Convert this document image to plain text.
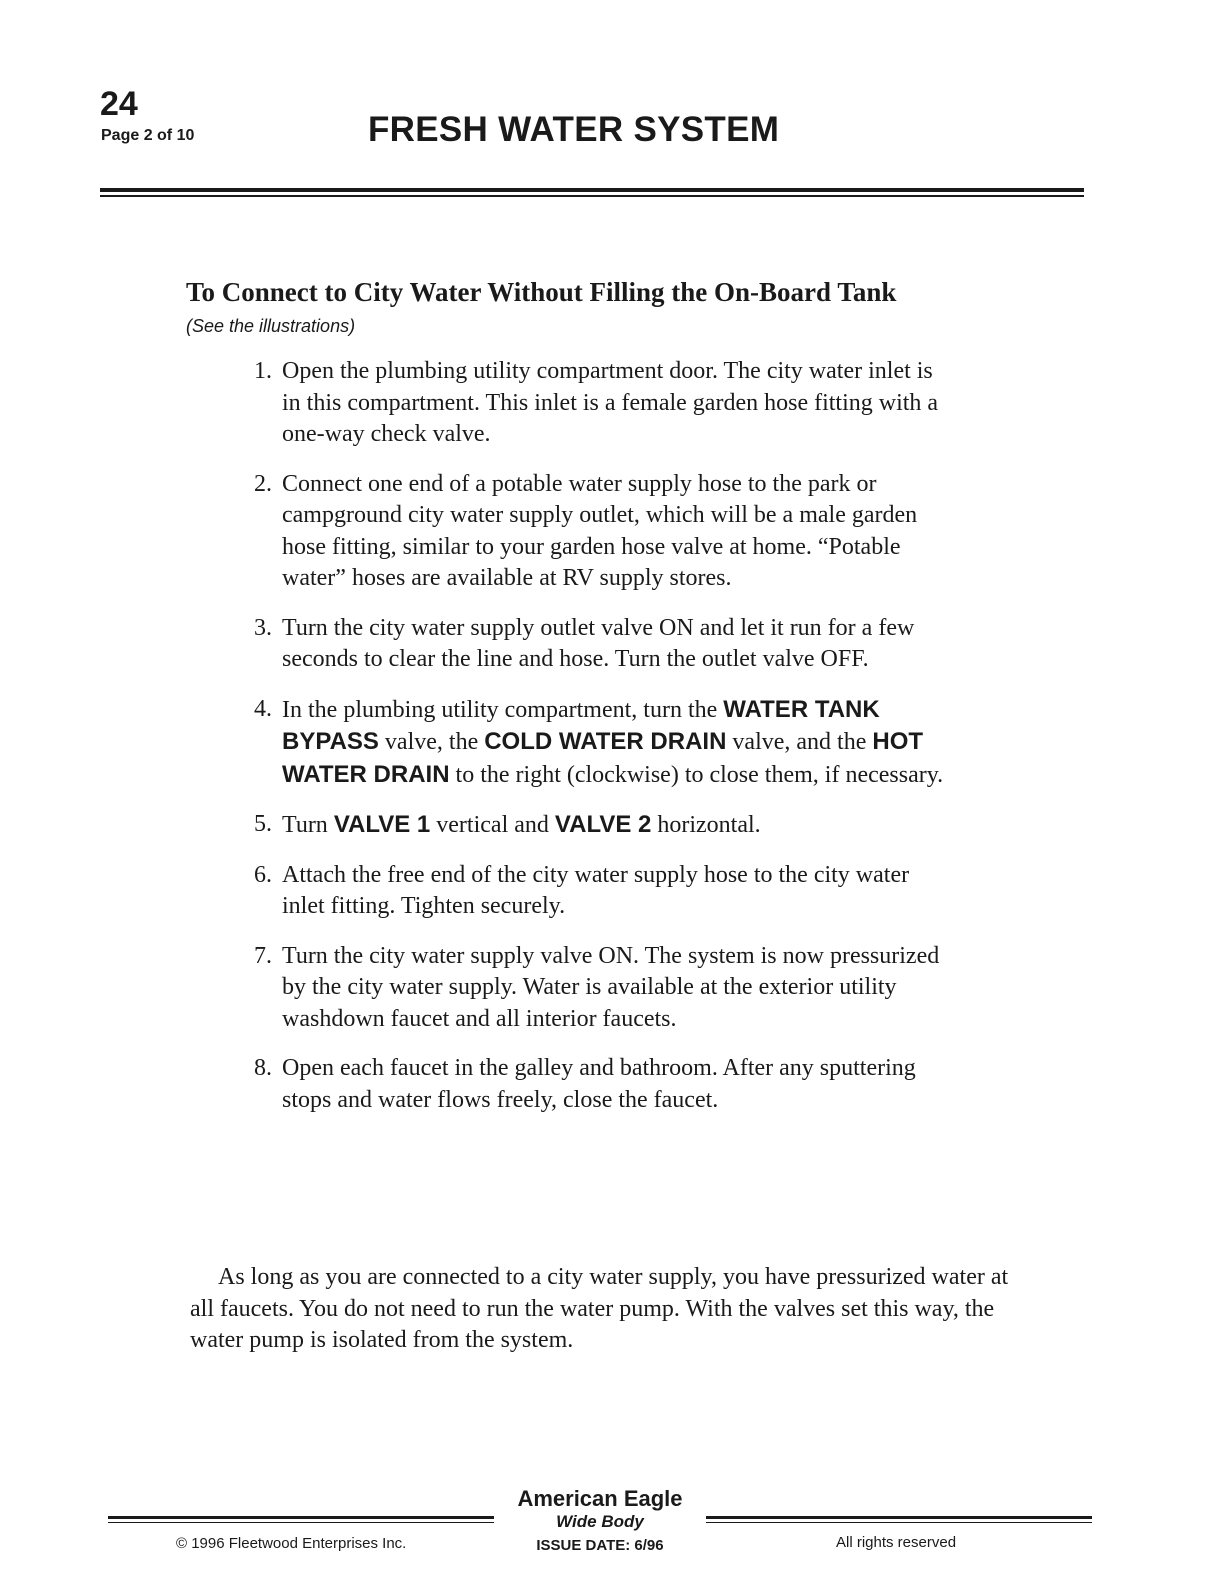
24
Page 2 of 10	FRESH WATER SYSTEM
To Connect to City Water Without Filling the On-Board Tank
(See the illustrations)
1. Open the plumbing utility compartment door. The city water inlet is in this compartment. This inlet is a female garden hose fitting with a one-way check valve.
2. Connect one end of a potable water supply hose to the park or campground city water supply outlet, which will be a male garden hose fitting, similar to your garden hose valve at home. “Potable water” hoses are available at RV supply stores.
3. Turn the city water supply outlet valve ON and let it run for a few seconds to clear the line and hose. Turn the outlet valve OFF.
4. In the plumbing utility compartment, turn the WATER TANK BYPASS valve, the COLD WATER DRAIN valve, and the HOT WATER DRAIN to the right (clockwise) to close them, if necessary.
5. Turn VALVE 1 vertical and VALVE 2 horizontal.
6. Attach the free end of the city water supply hose to the city water inlet fitting. Tighten securely.
7. Turn the city water supply valve ON. The system is now pressurized by the city water supply. Water is available at the exterior utility washdown faucet and all interior faucets.
8. Open each faucet in the galley and bathroom. After any sputtering stops and water flows freely, close the faucet.

As long as you are connected to a city water supply, you have pressurized water at all faucets. You do not need to run the water pump. With the valves set this way, the water pump is isolated from the system.

American Eagle
Wide Body
© 1996 Fleetwood Enterprises Inc.	ISSUE DATE: 6/96	All rights reserved
